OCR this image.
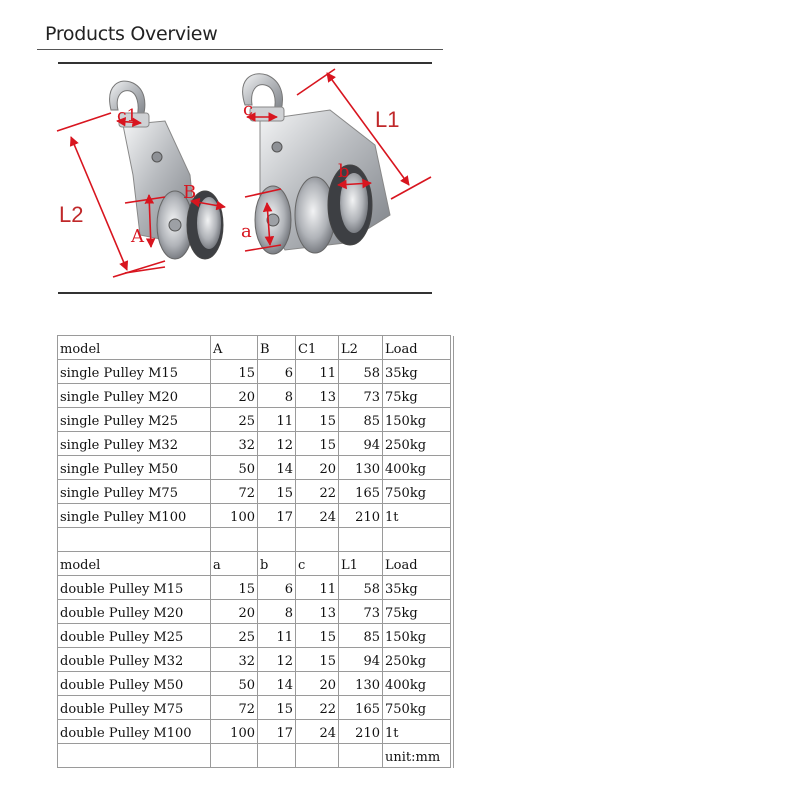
Products Overview
c1
B
A
c
b
a
L2
L1
model	A	B	C1	L2	Load	
single Pulley M15	15	6	11	58	35kg	
single Pulley M20	20	8	13	73	75kg	
single Pulley M25	25	11	15	85	150kg	
single Pulley M32	32	12	15	94	250kg	
single Pulley M50	50	14	20	130	400kg	
single Pulley M75	72	15	22	165	750kg	
single Pulley M100	100	17	24	210	1t	

model	a	b	c	L1	Load	
double Pulley M15	15	6	11	58	35kg	
double Pulley M20	20	8	13	73	75kg	
double Pulley M25	25	11	15	85	150kg	
double Pulley M32	32	12	15	94	250kg	
double Pulley M50	50	14	20	130	400kg	
double Pulley M75	72	15	22	165	750kg	
double Pulley M100	100	17	24	210	1t	
					unit:mm	
